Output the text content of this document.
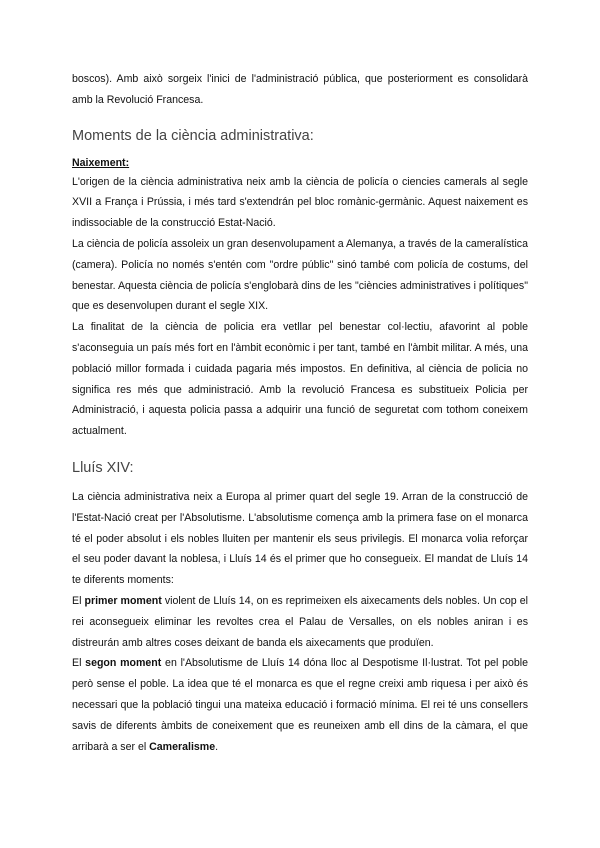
boscos). Amb això sorgeix l'inici de l'administració pública, que posteriorment es consolidarà amb la Revolució Francesa.

Moments de la ciència administrativa:

Naixement:

L'origen de la ciència administrativa neix amb la ciència de policía o ciencies camerals al segle XVII a França i Prússia, i més tard s'extendrán pel bloc romànic-germànic. Aquest naixement es indissociable de la construcció Estat-Nació.

La ciència de policía assoleix un gran desenvolupament a Alemanya, a través de la cameralística (camera). Policía no només s'entén com "ordre públic" sinó també com policía de costums, del benestar. Aquesta ciència de policía s'englobarà dins de les "ciències administratives i polítiques" que es desenvolupen durant el segle XIX.

La finalitat de la ciència de policia era vetllar pel benestar col·lectiu, afavorint al poble s'aconseguia un país més fort en l'àmbit econòmic i per tant, també en l'àmbit militar. A més, una població millor formada i cuidada pagaria més impostos. En definitiva, al ciència de policia no significa res més que administració. Amb la revolució Francesa es substitueix Policia per Administració, i aquesta policia passa a adquirir una funció de seguretat com tothom coneixem actualment.

Lluís XIV:

La ciència administrativa neix a Europa al primer quart del segle 19. Arran de la construcció de l'Estat-Nació creat per l'Absolutisme. L'absolutisme comença amb la primera fase on el monarca té el poder absolut i els nobles lluiten per mantenir els seus privilegis. El monarca volia reforçar el seu poder davant la noblesa, i Lluís 14 és el primer que ho consegueix. El mandat de Lluís 14 te diferents moments:

El primer moment violent de Lluís 14, on es reprimeixen els aixecaments dels nobles. Un cop el rei aconsegueix eliminar les revoltes crea el Palau de Versalles, on els nobles aniran i es distreurán amb altres coses deixant de banda els aixecaments que produïen.

El segon moment en l'Absolutisme de Lluís 14 dóna lloc al Despotisme Il·lustrat. Tot pel poble però sense el poble. La idea que té el monarca es que el regne creixi amb riquesa i per això és necessari que la població tingui una mateixa educació i formació mínima. El rei té uns consellers savis de diferents àmbits de coneixement que es reuneixen amb ell dins de la càmara, el que arribarà a ser el Cameralisme.
